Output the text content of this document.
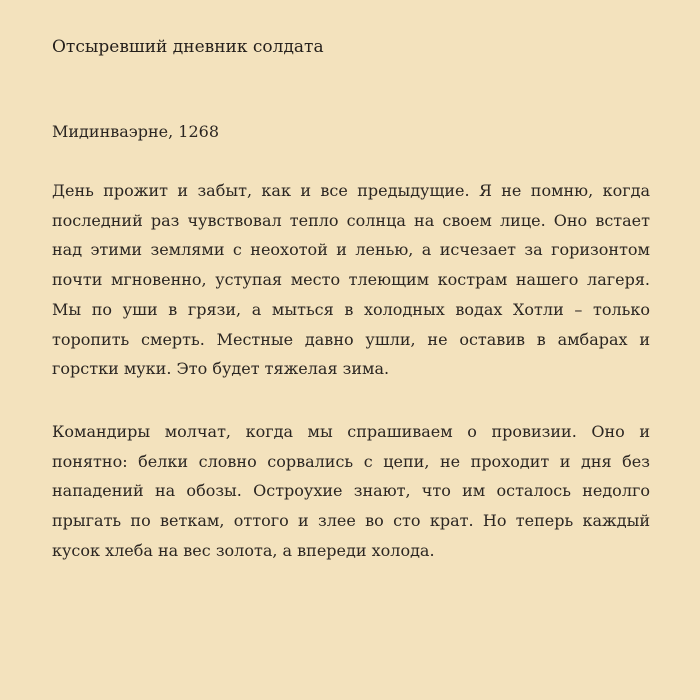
Отсыревший дневник солдата

Мидинваэрне, 1268

День прожит и забыт, как и все предыдущие. Я не помню, когда последний раз чувствовал тепло солнца на своем лице. Оно встает над этими землями с неохотой и ленью, а исчезает за горизонтом почти мгновенно, уступая место тлеющим кострам нашего лагеря. Мы по уши в грязи, а мыться в холодных водах Хотли – только торопить смерть. Местные давно ушли, не оставив в амбарах и горстки муки. Это будет тяжелая зима.

Командиры молчат, когда мы спрашиваем о провизии. Оно и понятно: белки словно сорвались с цепи, не проходит и дня без нападений на обозы. Остроухие знают, что им осталось недолго прыгать по веткам, оттого и злее во сто крат. Но теперь каждый кусок хлеба на вес золота, а впереди холода.
